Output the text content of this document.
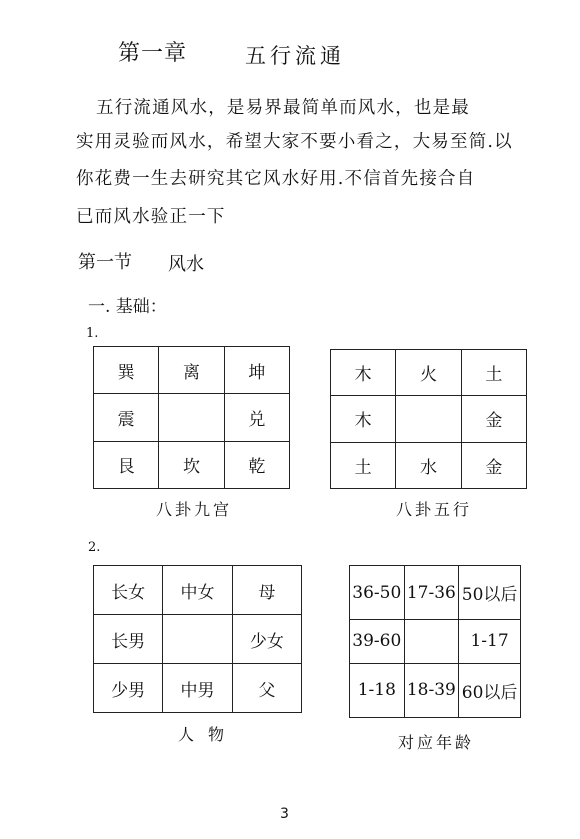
第一章	五行流通
五行流通风水，是易界最简单而风水，也是最
实用灵验而风水，希望大家不要小看之，大易至简.以
你花费一生去研究其它风水好用.不信首先接合自
已而风水验正一下
第一节 风水
一. 基础：
1.
2.
巽	离	坤
震		兑
艮	坎	乾
八卦九宫
木	火	土
木		金
土	水	金
八卦五行
长女	中女	母
长男		少女
少男	中男	父
人物
36-50	17-36	50以后
39-60		1-17
1-18	18-39	60以后
对应年龄
3
